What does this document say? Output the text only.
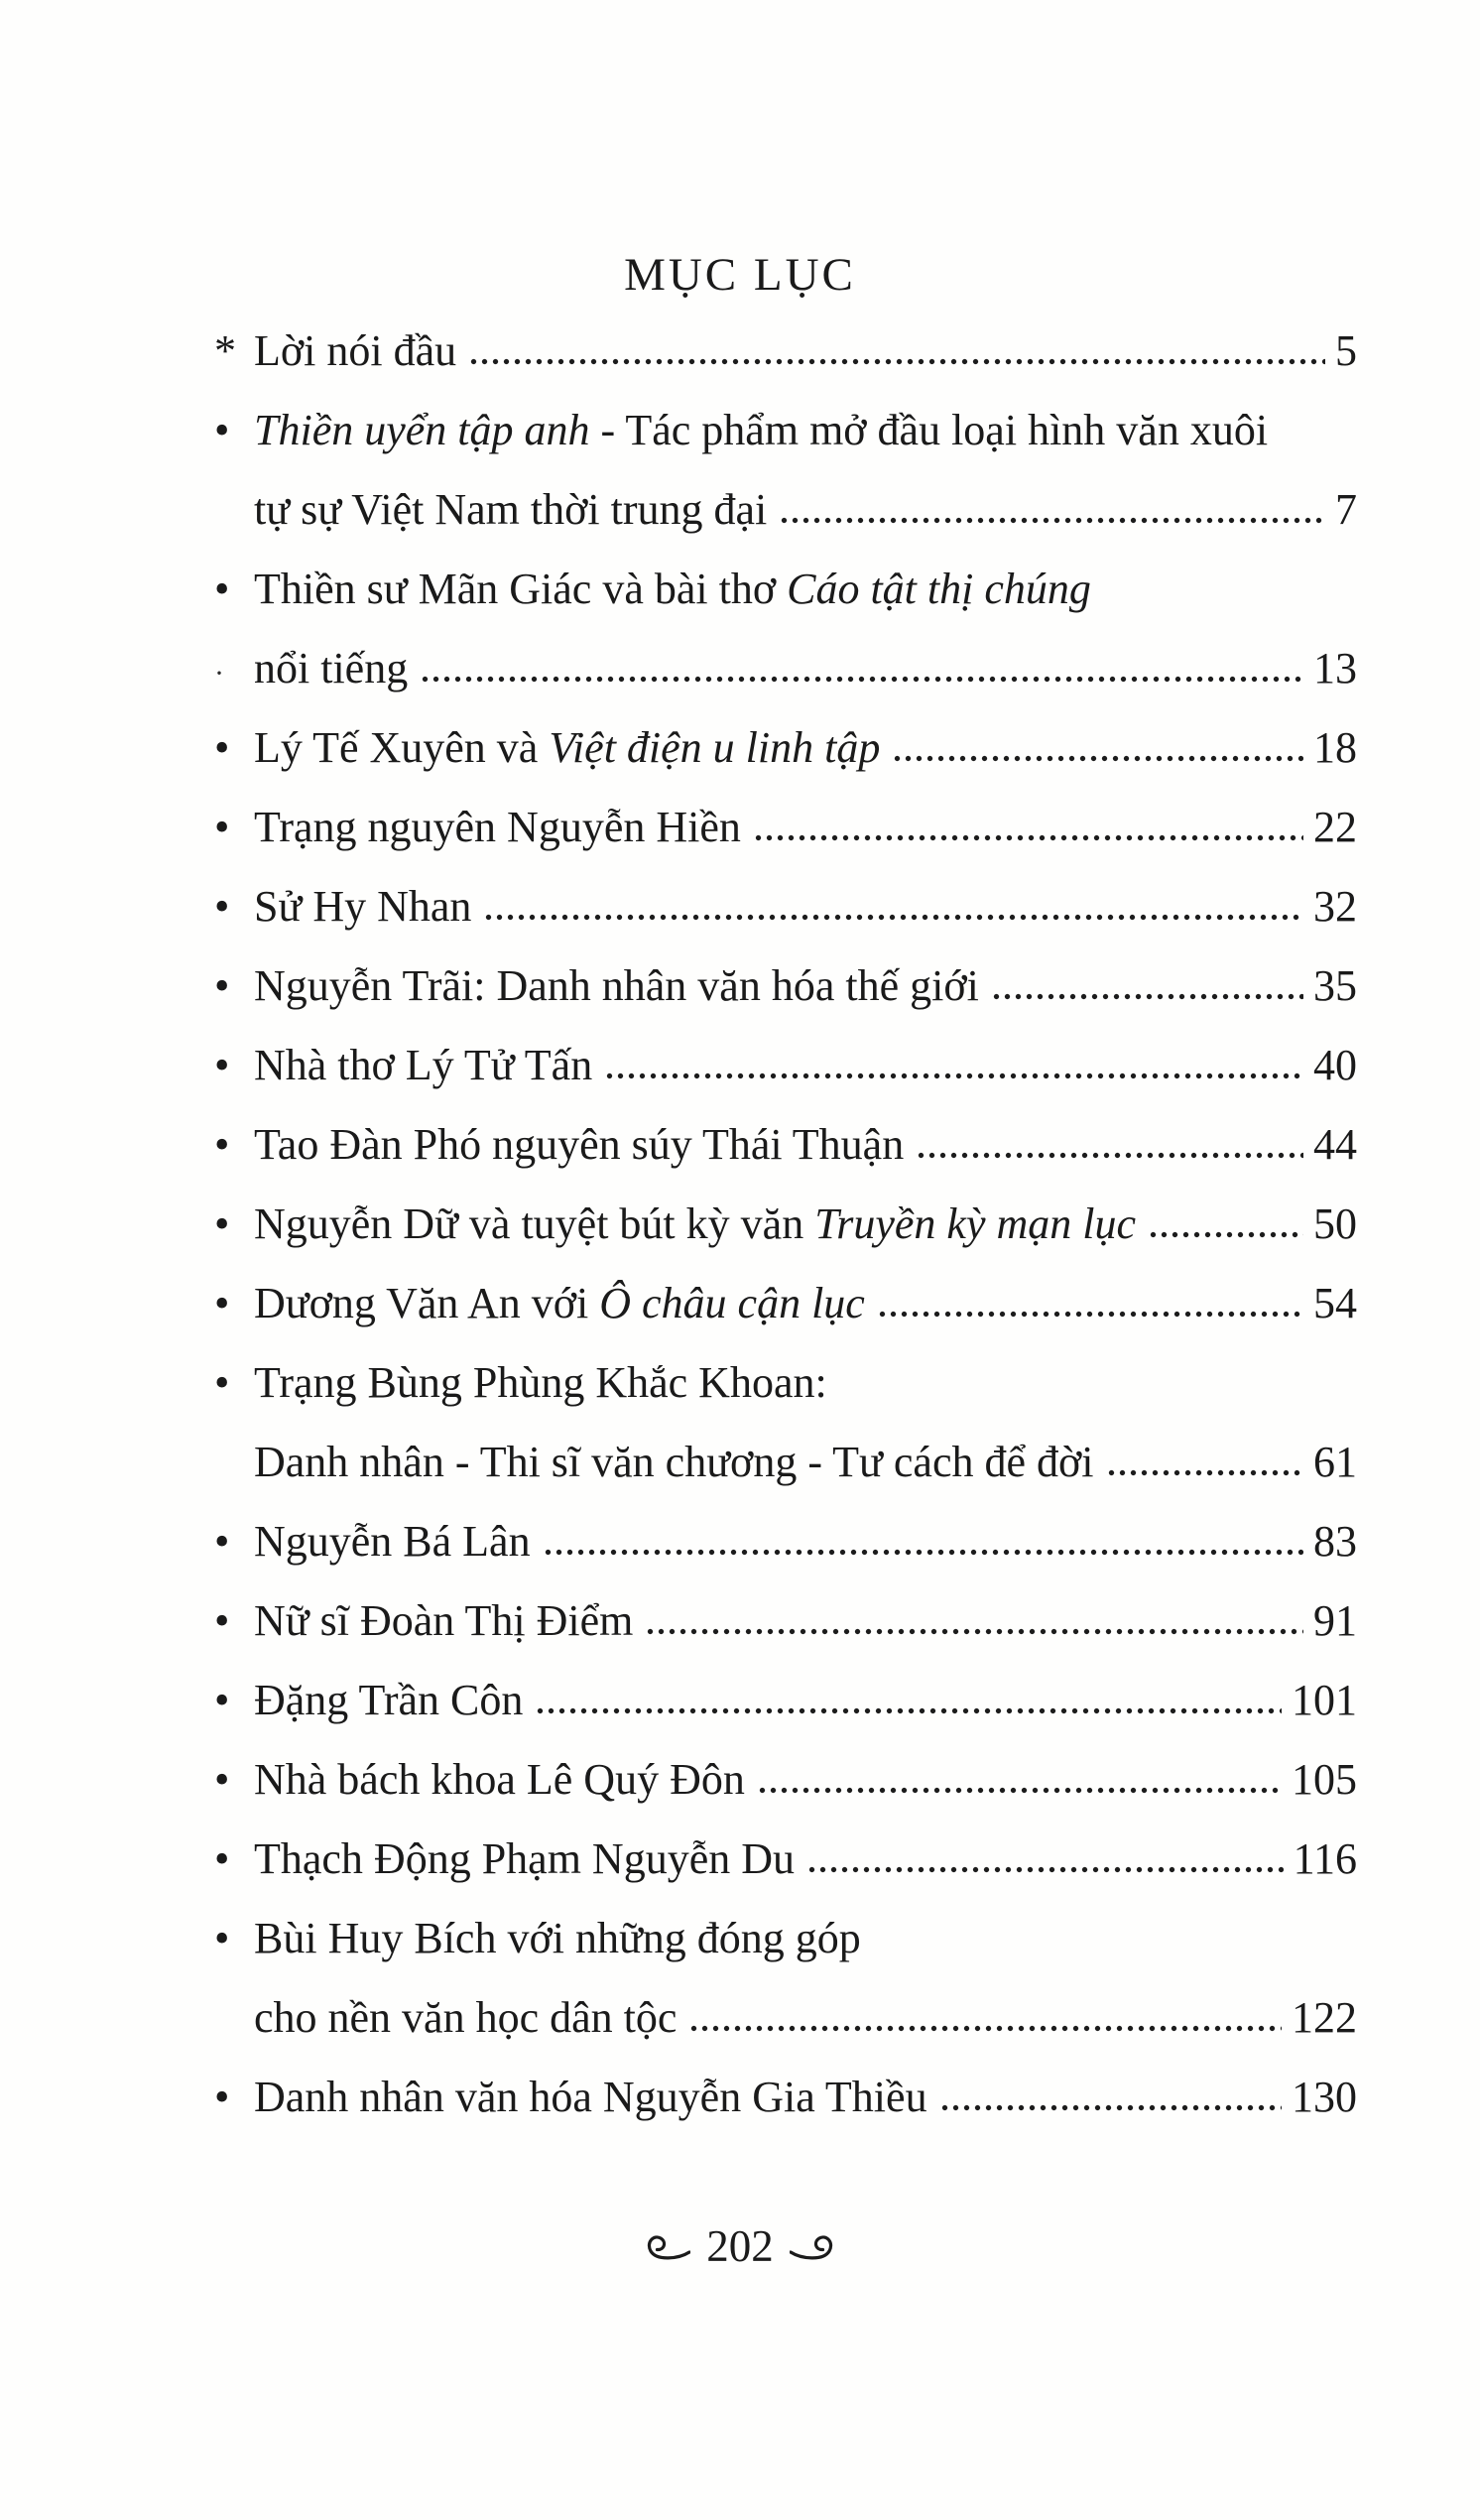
MỤC LỤC
* Lời nói đầu	5
• Thiền uyển tập anh - Tác phẩm mở đầu loại hình văn xuôi
tự sự Việt Nam thời trung đại	7
• Thiền sư Mãn Giác và bài thơ Cáo tật thị chúng
· nổi tiếng	13
• Lý Tế Xuyên và Việt điện u linh tập	18
• Trạng nguyên Nguyễn Hiền	22
• Sử Hy Nhan	32
• Nguyễn Trãi: Danh nhân văn hóa thế giới	35
• Nhà thơ Lý Tử Tấn	40
• Tao Đàn Phó nguyên súy Thái Thuận	44
• Nguyễn Dữ và tuyệt bút kỳ văn Truyền kỳ mạn lục	50
• Dương Văn An với Ô châu cận lục	54
• Trạng Bùng Phùng Khắc Khoan:
Danh nhân - Thi sĩ văn chương - Tư cách để đời	61
• Nguyễn Bá Lân	83
• Nữ sĩ Đoàn Thị Điểm	91
• Đặng Trần Côn	101
• Nhà bách khoa Lê Quý Đôn	105
• Thạch Động Phạm Nguyễn Du	116
• Bùi Huy Bích với những đóng góp
cho nền văn học dân tộc	122
• Danh nhân văn hóa Nguyễn Gia Thiều	130
202
